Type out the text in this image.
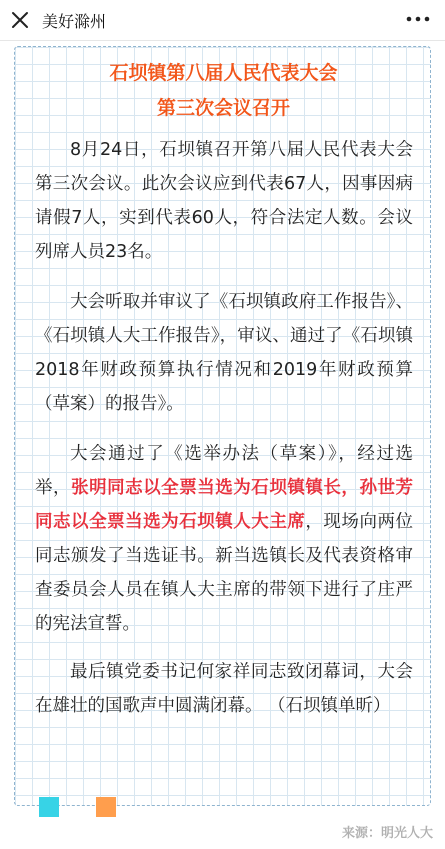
美好滁州
石坝镇第八届人民代表大会
第三次会议召开

8月24日，石坝镇召开第八届人民代表大会第三次会议。此次会议应到代表67人，因事因病请假7人，实到代表60人，符合法定人数。会议列席人员23名。

大会听取并审议了《石坝镇政府工作报告》、《石坝镇人大工作报告》，审议、通过了《石坝镇2018年财政预算执行情况和2019年财政预算（草案）的报告》。

大会通过了《选举办法（草案）》，经过选举，张明同志以全票当选为石坝镇镇长，孙世芳同志以全票当选为石坝镇人大主席，现场向两位同志颁发了当选证书。新当选镇长及代表资格审查委员会人员在镇人大主席的带领下进行了庄严的宪法宣誓。

最后镇党委书记何家祥同志致闭幕词，大会在雄壮的国歌声中圆满闭幕。 （石坝镇单昕）

来源：明光人大
